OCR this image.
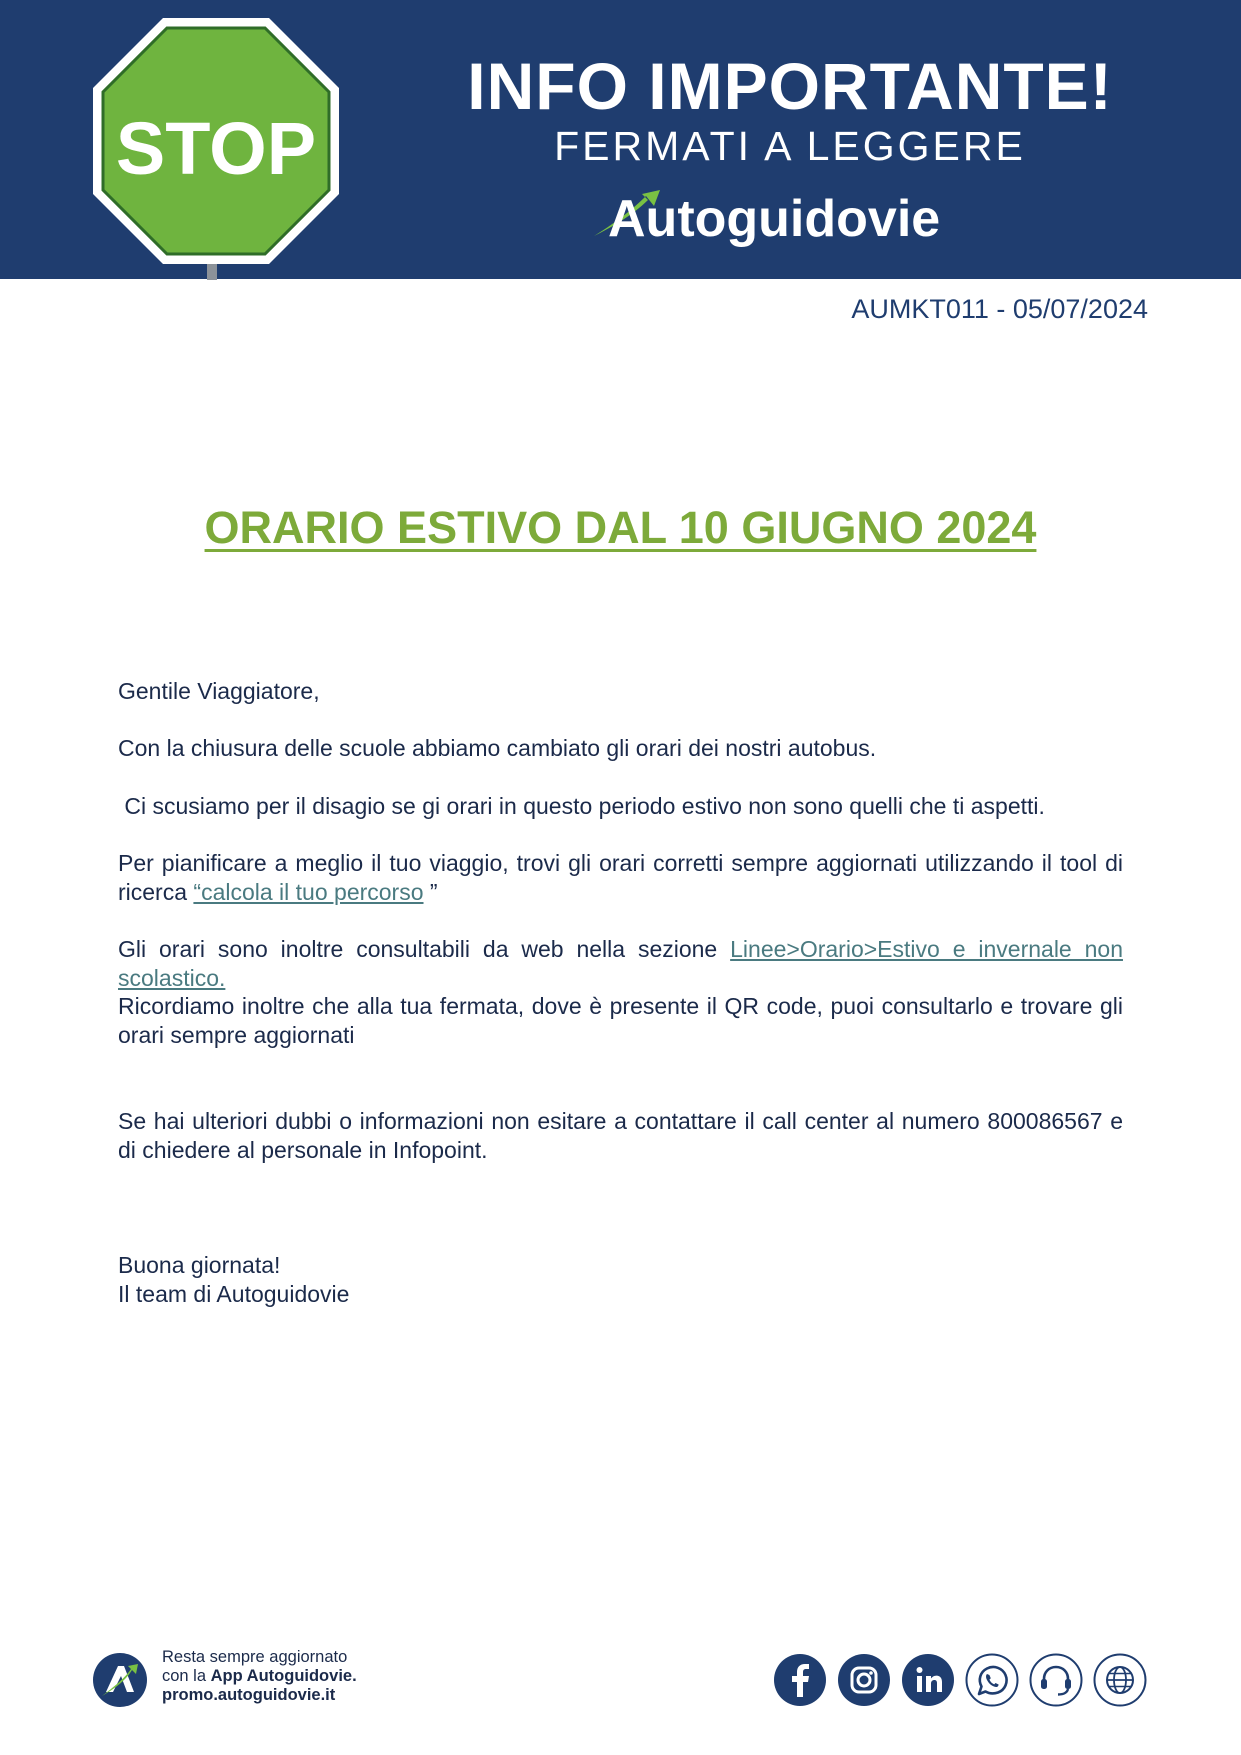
STOP
INFO IMPORTANTE!
FERMATI A LEGGERE
Autoguidovie
AUMKT011 - 05/07/2024
ORARIO ESTIVO DAL 10 GIUGNO 2024
Gentile Viaggiatore,
Con la chiusura delle scuole abbiamo cambiato gli orari dei nostri autobus.
Ci scusiamo per il disagio se gi orari in questo periodo estivo non sono quelli che ti aspetti.
Per pianificare a meglio il tuo viaggio, trovi gli orari corretti sempre aggiornati utilizzando il tool di ricerca “calcola il tuo percorso ”
Gli orari sono inoltre consultabili da web nella sezione Linee>Orario>Estivo e invernale non scolastico.
Ricordiamo inoltre che alla tua fermata, dove è presente il QR code, puoi consultarlo e trovare gli orari sempre aggiornati
Se hai ulteriori dubbi o informazioni non esitare a contattare il call center al numero 800086567 e di chiedere al personale in Infopoint.
Buona giornata!
Il team di Autoguidovie
Resta sempre aggiornato
con la App Autoguidovie.
promo.autoguidovie.it
